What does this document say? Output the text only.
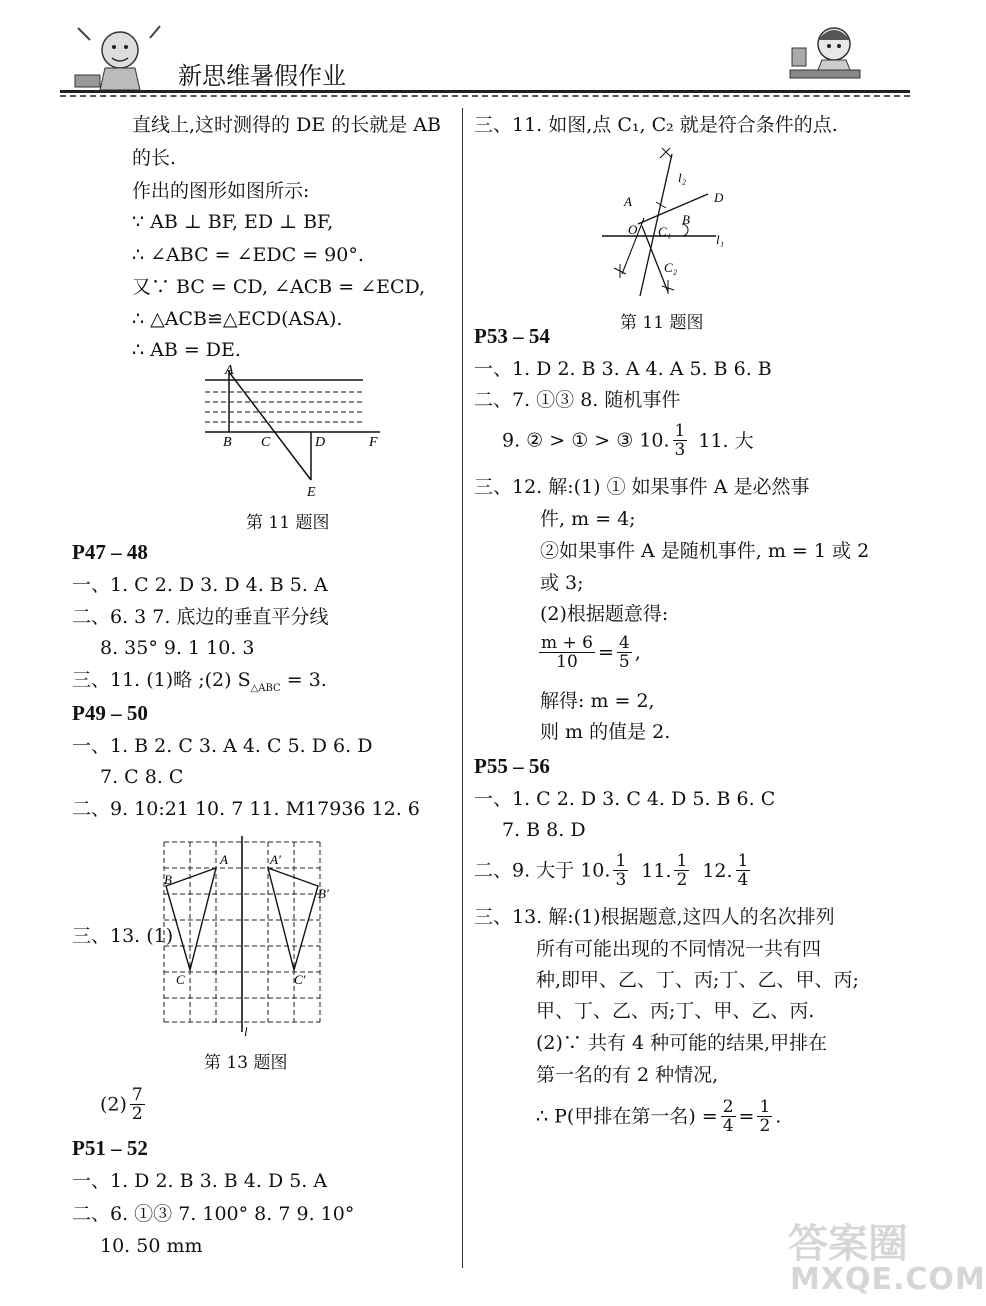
新思维暑假作业
直线上,这时测得的 DE 的长就是 AB
的长.
作出的图形如图所示:
∵ AB ⊥ BF, ED ⊥ BF,
∴ ∠ABC = ∠EDC = 90°.
又∵ BC = CD, ∠ACB = ∠ECD,
∴ △ACB≌△ECD(ASA).
∴ AB = DE.
A
B C	D
E
F
第 11 题图
P47 – 48
一、1. C 2. D 3. D 4. B 5. A
二、6. 3 7. 底边的垂直平分线
8. 35° 9. 1 10. 3
三、11. (1)略 ;(2) $S_{\triangle ABC} = 3$.
P49 – 50
一、1. B 2. C 3. A 4. C 5. D 6. D
7. C 8. C
二、9. 10:21 10. 7 11. M17936 12. 6
三、13. (1)
A
B
C
A′
B′
C′
l
第 13 题图
$(2) \frac{7}{2}$
P51 – 52
一、1. D 2. B 3. B 4. D 5. A
二、6. ①③ 7. 100° 8. 7 9. 10°
10. 50 mm
三、11. 如图,点 C₁, C₂ 就是符合条件的点.
A
B
D
O C₁
C₂
l₁
l₂
第 11 题图
P53 – 54
一、1. D 2. B 3. A 4. A 5. B 6. B
二、7. ①③ 8. 随机事件
9. ② > ① > ③ 10. $\frac{1}{3} 11$. 大
三、12. 解:(1) ① 如果事件 A 是必然事
件, m = 4;
②如果事件 A 是随机事件, m = 1 或 2
或 3;
(2)根据题意得:
$\frac{m + 6}{10} = \frac{4}{5}$ ,
解得: m = 2,
则 m 的值是 2.
P55 – 56
一、1. C 2. D 3. C 4. D 5. B 6. C
7. B 8. D
二、9. 大于 10. $\frac{1}{3} 11$. $\frac{1}{2} 12$. $\frac{1}{4}$
三、13. 解:(1)根据题意,这四人的名次排列
所有可能出现的不同情况一共有四
种,即甲、乙、丁、丙;丁、乙、甲、丙;
甲、丁、乙、丙;丁、甲、乙、丙.
(2)∵ 共有 4 种可能的结果,甲排在
第一名的有 2 种情况,
∴ P(甲排在第一名) = $\frac{2}{4} = \frac{1}{2}$ .
答案圈
MXQE.COM
